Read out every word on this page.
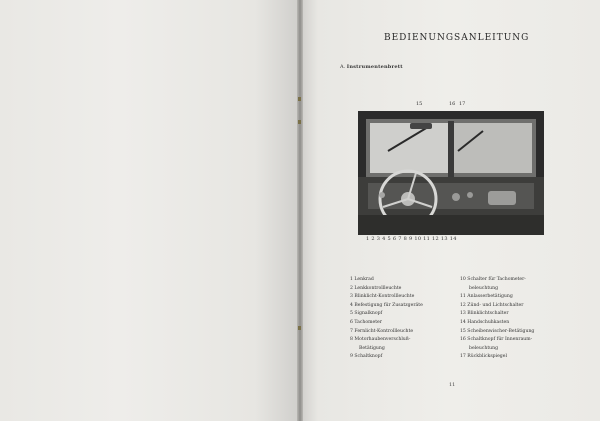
BEDIENUNGSANLEITUNG
A. Instrumentenbrett
15	16 17
1 2 3 4 5 6 7 8 9 10 11 12 13 14
1 Lenkrad
2 Lenkkontrollleuchte
3 Blinklicht-Kontrollleuchte
4 Befestigung für Zusatzgeräte
5 Signalknopf
6 Tachometer
7 Fernlicht-Kontrollleuchte
8 Motorhaubenverschluß-
Betätigung
9 Schaltknopf
10 Schalter für Tachometer-
beleuchtung
11 Anlasserbetätigung
12 Zünd- und Lichtschalter
13 Blinklichtschalter
14 Handschuhkasten
15 Scheibenwischer-Betätigung
16 Schaltknopf für Innenraum-
beleuchtung
17 Rückblickspiegel
11
